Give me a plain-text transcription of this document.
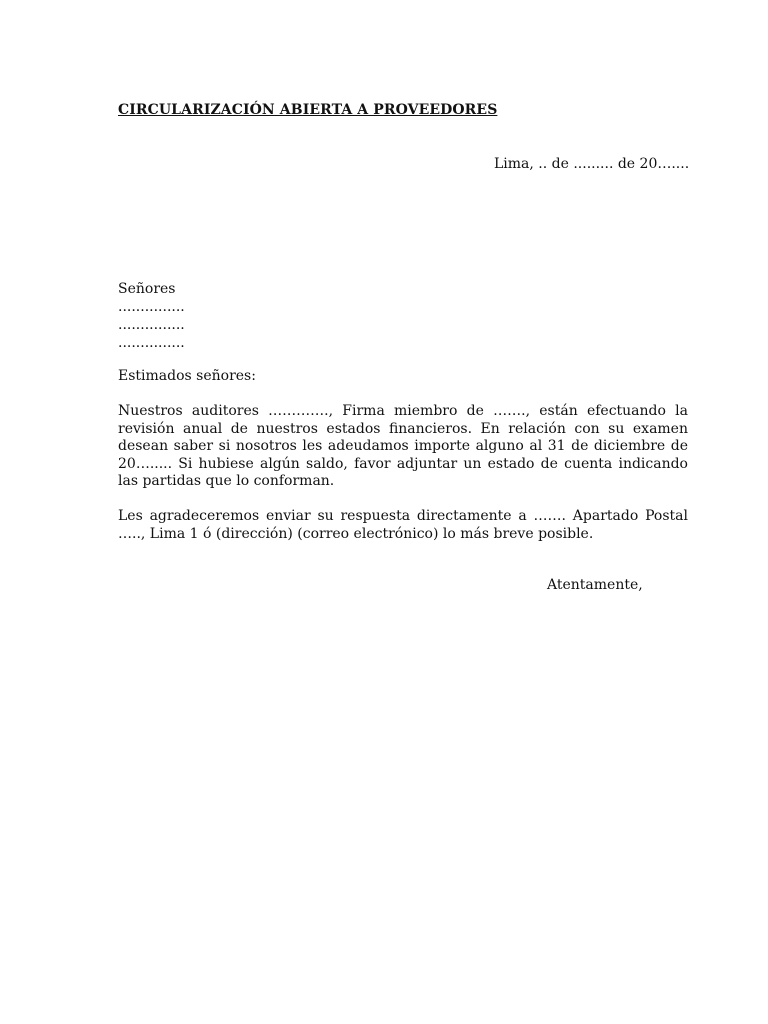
CIRCULARIZACIÓN ABIERTA A PROVEEDORES
Lima, .. de ......... de 20…....
Señores
...............
...............
...............
Estimados señores:
Nuestros auditores …………., Firma miembro de ……., están efectuando la revisión anual de nuestros estados financieros. En relación con su examen desean saber si nosotros les adeudamos importe alguno al 31 de diciembre de 20…..... Si hubiese algún saldo, favor adjuntar un estado de cuenta indicando las partidas que lo conforman.
Les agradeceremos enviar su respuesta directamente a ……. Apartado Postal ….., Lima 1 ó (dirección) (correo electrónico) lo más breve posible.
Atentamente,
